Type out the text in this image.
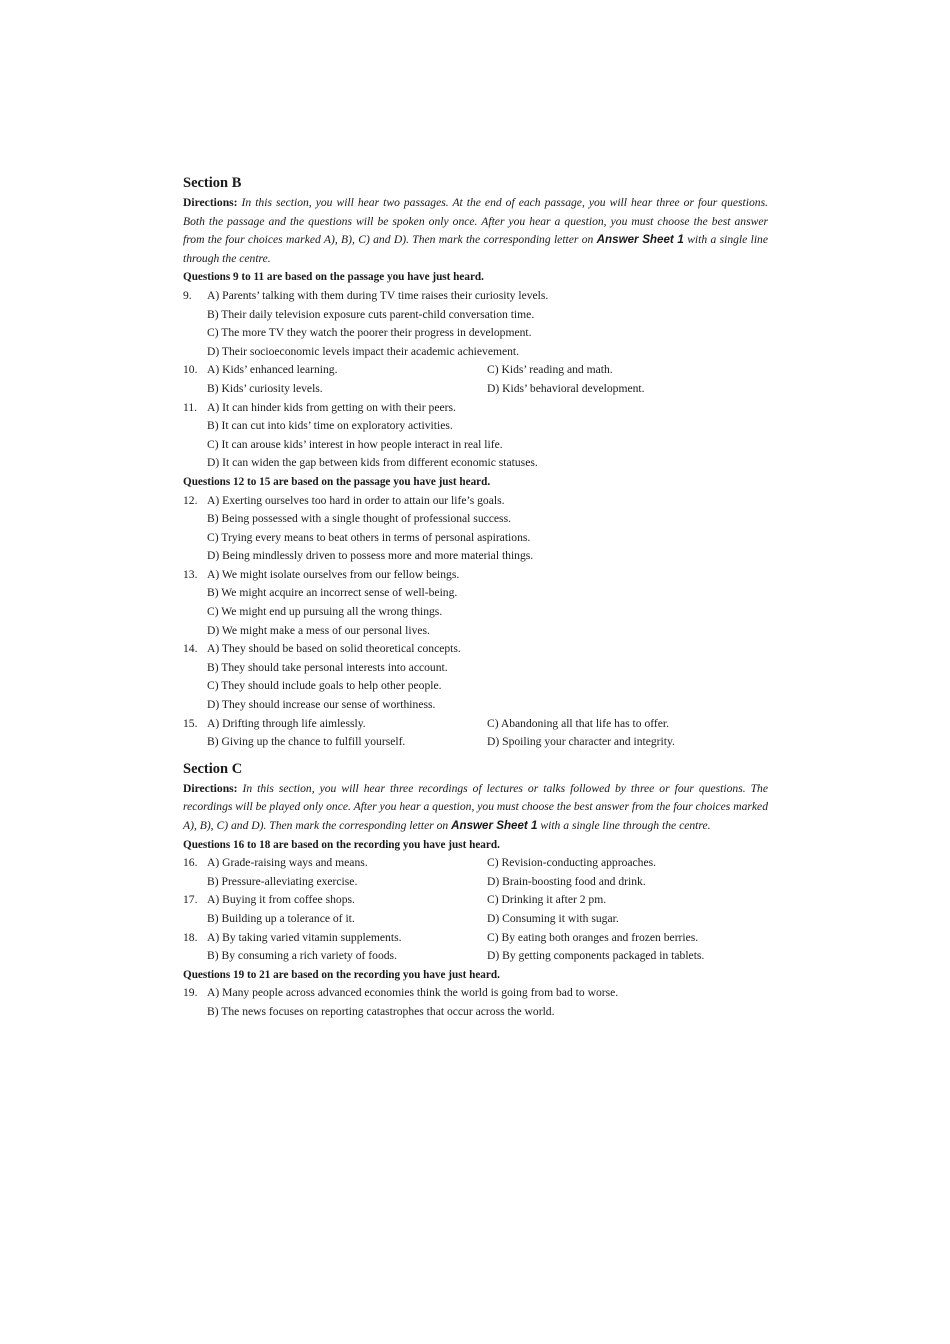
Section B

Directions: In this section, you will hear two passages. At the end of each passage, you will hear three or four questions. Both the passage and the questions will be spoken only once. After you hear a question, you must choose the best answer from the four choices marked A), B), C) and D). Then mark the corresponding letter on Answer Sheet 1 with a single line through the centre.

Questions 9 to 11 are based on the passage you have just heard.
9.	A) Parents’ talking with them during TV time raises their curiosity levels.
B) Their daily television exposure cuts parent-child conversation time.
C) The more TV they watch the poorer their progress in development.
D) Their socioeconomic levels impact their academic achievement.
10. A) Kids’ enhanced learning.	C) Kids’ reading and math.
B) Kids’ curiosity levels.	D) Kids’ behavioral development.
11. A) It can hinder kids from getting on with their peers.
B) It can cut into kids’ time on exploratory activities.
C) It can arouse kids’ interest in how people interact in real life.
D) It can widen the gap between kids from different economic statuses.
Questions 12 to 15 are based on the passage you have just heard.
12. A) Exerting ourselves too hard in order to attain our life’s goals.
B) Being possessed with a single thought of professional success.
C) Trying every means to beat others in terms of personal aspirations.
D) Being mindlessly driven to possess more and more material things.
13. A) We might isolate ourselves from our fellow beings.
B) We might acquire an incorrect sense of well-being.
C) We might end up pursuing all the wrong things.
D) We might make a mess of our personal lives.
14. A) They should be based on solid theoretical concepts.
B) They should take personal interests into account.
C) They should include goals to help other people.
D) They should increase our sense of worthiness.
15. A) Drifting through life aimlessly.	C) Abandoning all that life has to offer.
B) Giving up the chance to fulfill yourself.	D) Spoiling your character and integrity.
Section C

Directions: In this section, you will hear three recordings of lectures or talks followed by three or four questions. The recordings will be played only once. After you hear a question, you must choose the best answer from the four choices marked A), B), C) and D). Then mark the corresponding letter on Answer Sheet 1 with a single line through the centre.

Questions 16 to 18 are based on the recording you have just heard.
16. A) Grade-raising ways and means.	C) Revision-conducting approaches.
B) Pressure-alleviating exercise.	D) Brain-boosting food and drink.
17. A) Buying it from coffee shops.	C) Drinking it after 2 pm.
B) Building up a tolerance of it.	D) Consuming it with sugar.
18. A) By taking varied vitamin supplements.	C) By eating both oranges and frozen berries.
B) By consuming a rich variety of foods.	D) By getting components packaged in tablets.
Questions 19 to 21 are based on the recording you have just heard.
19. A) Many people across advanced economies think the world is going from bad to worse.
B) The news focuses on reporting catastrophes that occur across the world.
